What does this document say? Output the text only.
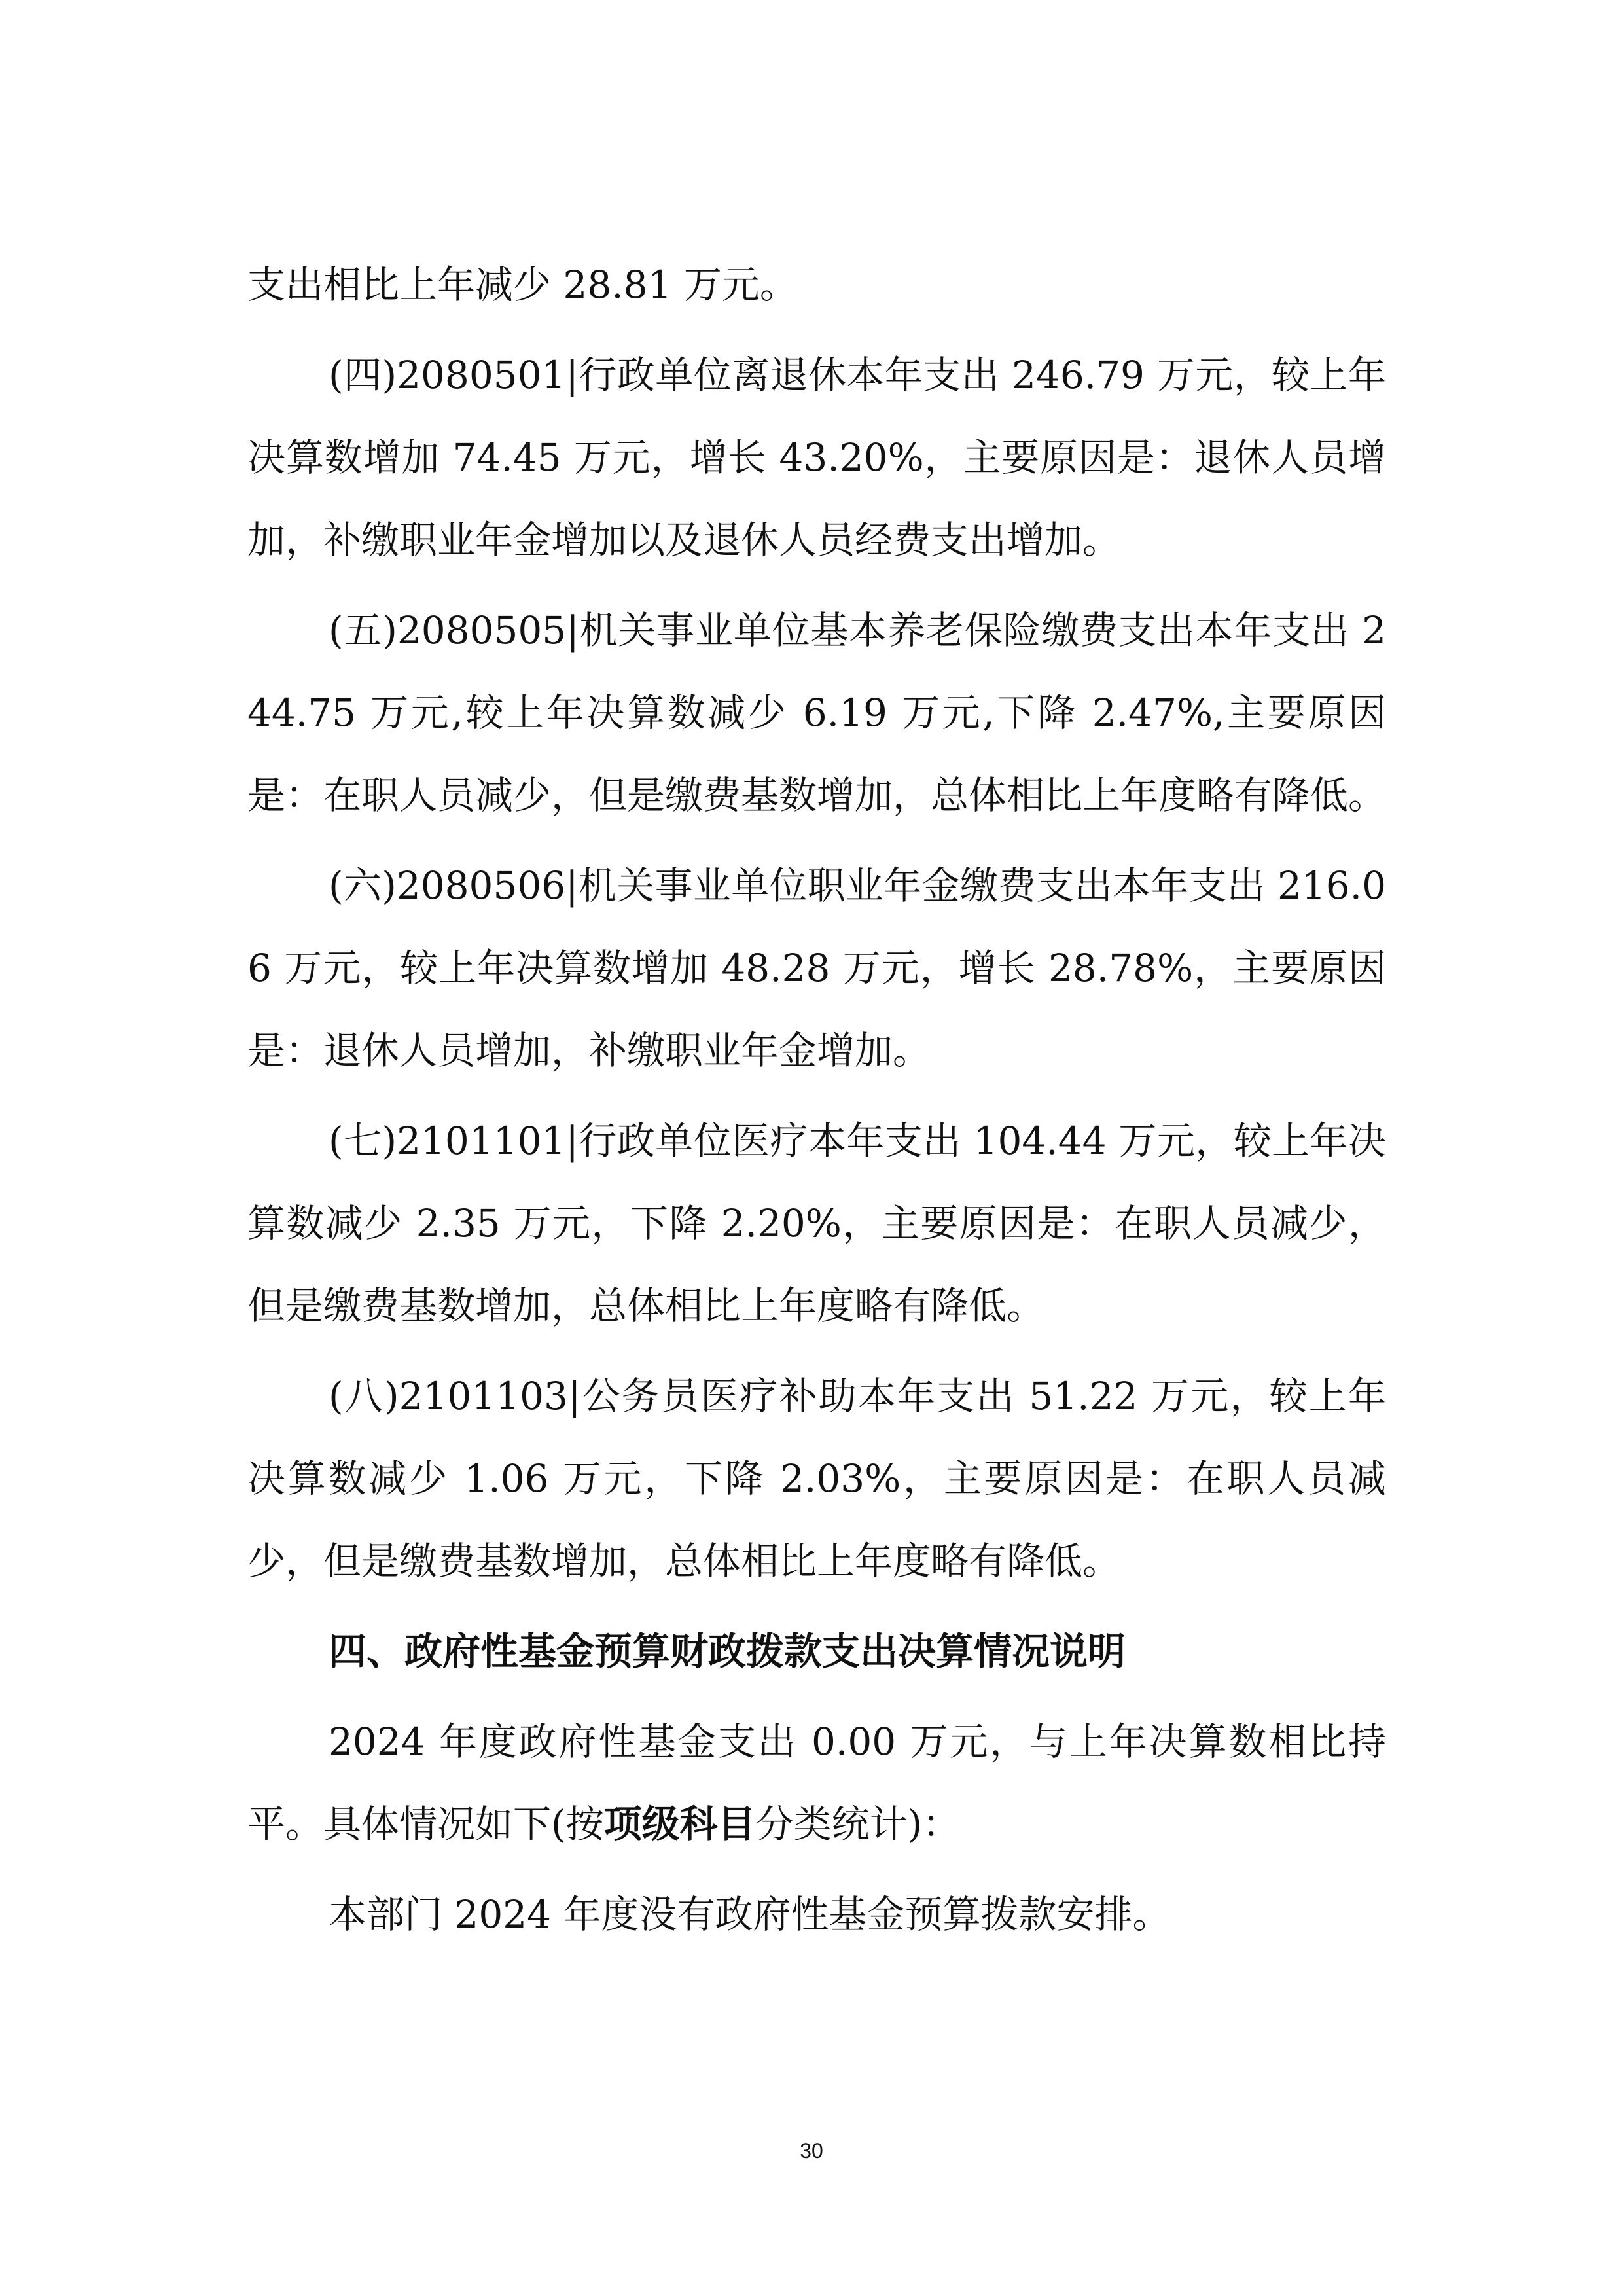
支出相比上年减少 28.81 万元。

(四)2080501|行政单位离退休本年支出 246.79 万元，较上年决算数增加 74.45 万元，增长 43.20%，主要原因是：退休人员增加，补缴职业年金增加以及退休人员经费支出增加。

(五)2080505|机关事业单位基本养老保险缴费支出本年支出 244.75 万元,较上年决算数减少 6.19 万元,下降 2.47%,主要原因是：在职人员减少，但是缴费基数增加，总体相比上年度略有降低。

(六)2080506|机关事业单位职业年金缴费支出本年支出 216.06 万元，较上年决算数增加 48.28 万元，增长 28.78%，主要原因是：退休人员增加，补缴职业年金增加。

(七)2101101|行政单位医疗本年支出 104.44 万元，较上年决算数减少 2.35 万元，下降 2.20%，主要原因是：在职人员减少，但是缴费基数增加，总体相比上年度略有降低。

(八)2101103|公务员医疗补助本年支出 51.22 万元，较上年决算数减少 1.06 万元，下降 2.03%，主要原因是：在职人员减少，但是缴费基数增加，总体相比上年度略有降低。

四、政府性基金预算财政拨款支出决算情况说明

2024 年度政府性基金支出 0.00 万元，与上年决算数相比持平。具体情况如下(按项级科目分类统计)：

本部门 2024 年度没有政府性基金预算拨款安排。

30
